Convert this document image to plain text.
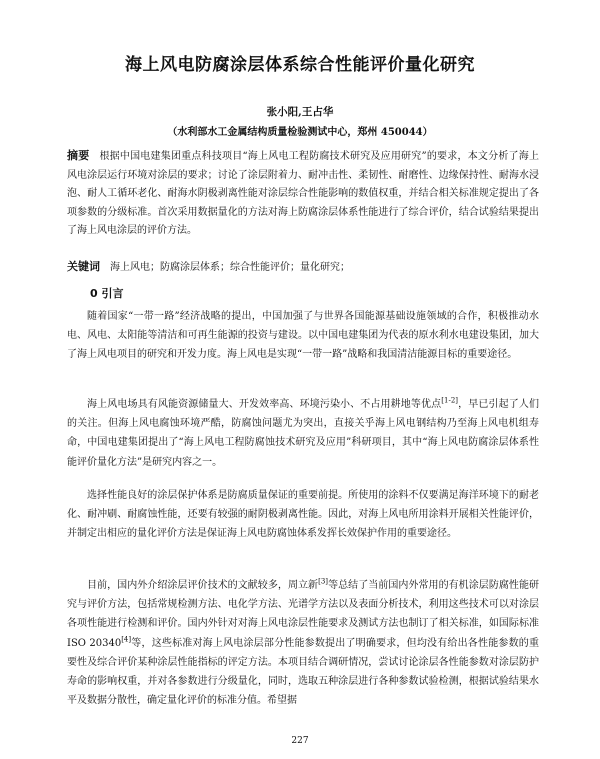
海上风电防腐涂层体系综合性能评价量化研究
张小阳,王占华
（水利部水工金属结构质量检验测试中心，郑州 450044）
摘要 根据中国电建集团重点科技项目“海上风电工程防腐技术研究及应用研究”的要求，本文分析了海上风电涂层运行环境对涂层的要求；讨论了涂层附着力、耐冲击性、柔韧性、耐磨性、边缘保持性、耐海水浸泡、耐人工循环老化、耐海水阴极剥离性能对涂层综合性能影响的数值权重，并结合相关标准规定提出了各项参数的分级标准。首次采用数据量化的方法对海上防腐涂层体系性能进行了综合评价，结合试验结果提出了海上风电涂层的评价方法。
关键词 海上风电；防腐涂层体系；综合性能评价；量化研究；
0 引言

随着国家“一带一路”经济战略的提出，中国加强了与世界各国能源基础设施领域的合作，积极推动水电、风电、太阳能等清洁和可再生能源的投资与建设。以中国电建集团为代表的原水利水电建设集团，加大了海上风电项目的研究和开发力度。海上风电是实现“一带一路”战略和我国清洁能源目标的重要途径。

海上风电场具有风能资源储量大、开发效率高、环境污染小、不占用耕地等优点[1-2]，早已引起了人们的关注。但海上风电腐蚀环境严酷，防腐蚀问题尤为突出，直接关乎海上风电钢结构乃至海上风电机组寿命，中国电建集团提出了“海上风电工程防腐蚀技术研究及应用”科研项目，其中“海上风电防腐涂层体系性能评价量化方法”是研究内容之一。

选择性能良好的涂层保护体系是防腐质量保证的重要前提。所使用的涂料不仅要满足海洋环境下的耐老化、耐冲刷、耐腐蚀性能，还要有较强的耐阴极剥离性能。因此，对海上风电所用涂料开展相关性能评价，并制定出相应的量化评价方法是保证海上风电防腐蚀体系发挥长效保护作用的重要途径。

目前，国内外介绍涂层评价技术的文献较多，周立新[3]等总结了当前国内外常用的有机涂层防腐性能研究与评价方法，包括常规检测方法、电化学方法、光谱学方法以及表面分析技术，利用这些技术可以对涂层各项性能进行检测和评价。国内外针对对海上风电涂层性能要求及测试方法也制订了相关标准，如国际标准 ISO 20340[4]等，这些标准对海上风电涂层部分性能参数提出了明确要求，但均没有给出各性能参数的重要性及综合评价某种涂层性能指标的评定方法。本项目结合调研情况，尝试讨论涂层各性能参数对涂层防护寿命的影响权重，并对各参数进行分级量化，同时，选取五种涂层进行各种参数试验检测，根据试验结果水平及数据分散性，确定量化评价的标准分值。希望据

227
